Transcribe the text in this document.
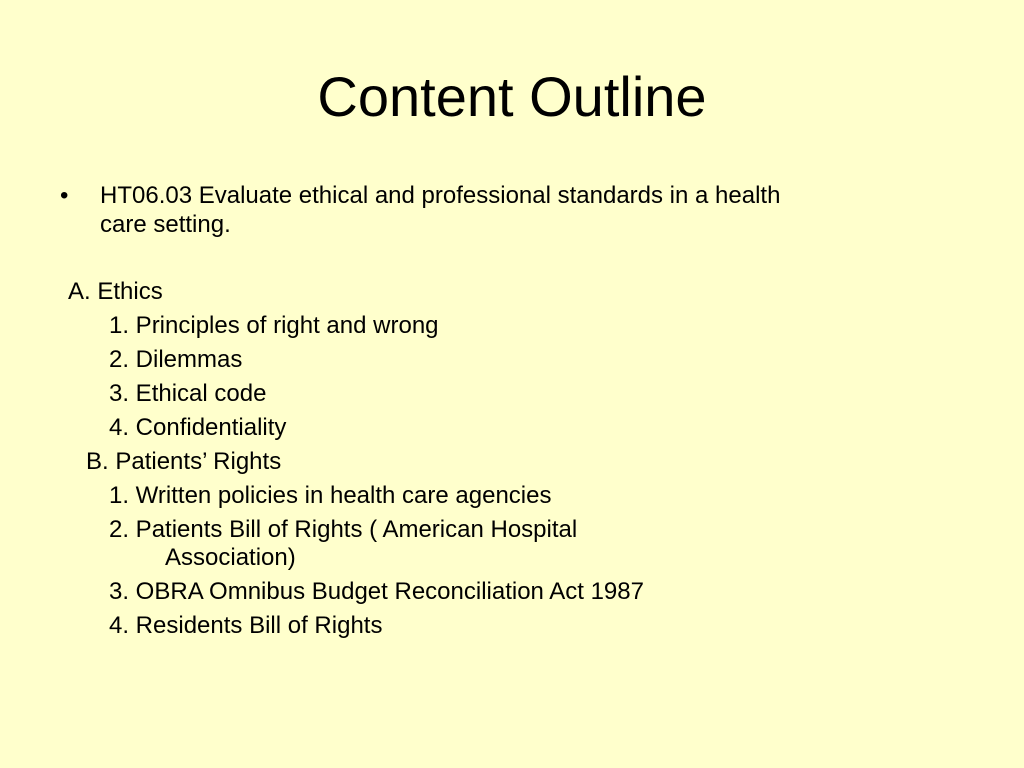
Content Outline
• HT06.03 Evaluate ethical and professional standards in a health
care setting.
A. Ethics
1. Principles of right and wrong
2. Dilemmas
3. Ethical code
4. Confidentiality
B. Patients’ Rights
1. Written policies in health care agencies
2. Patients Bill of Rights ( American Hospital
Association)
3. OBRA Omnibus Budget Reconciliation Act 1987
4. Residents Bill of Rights
